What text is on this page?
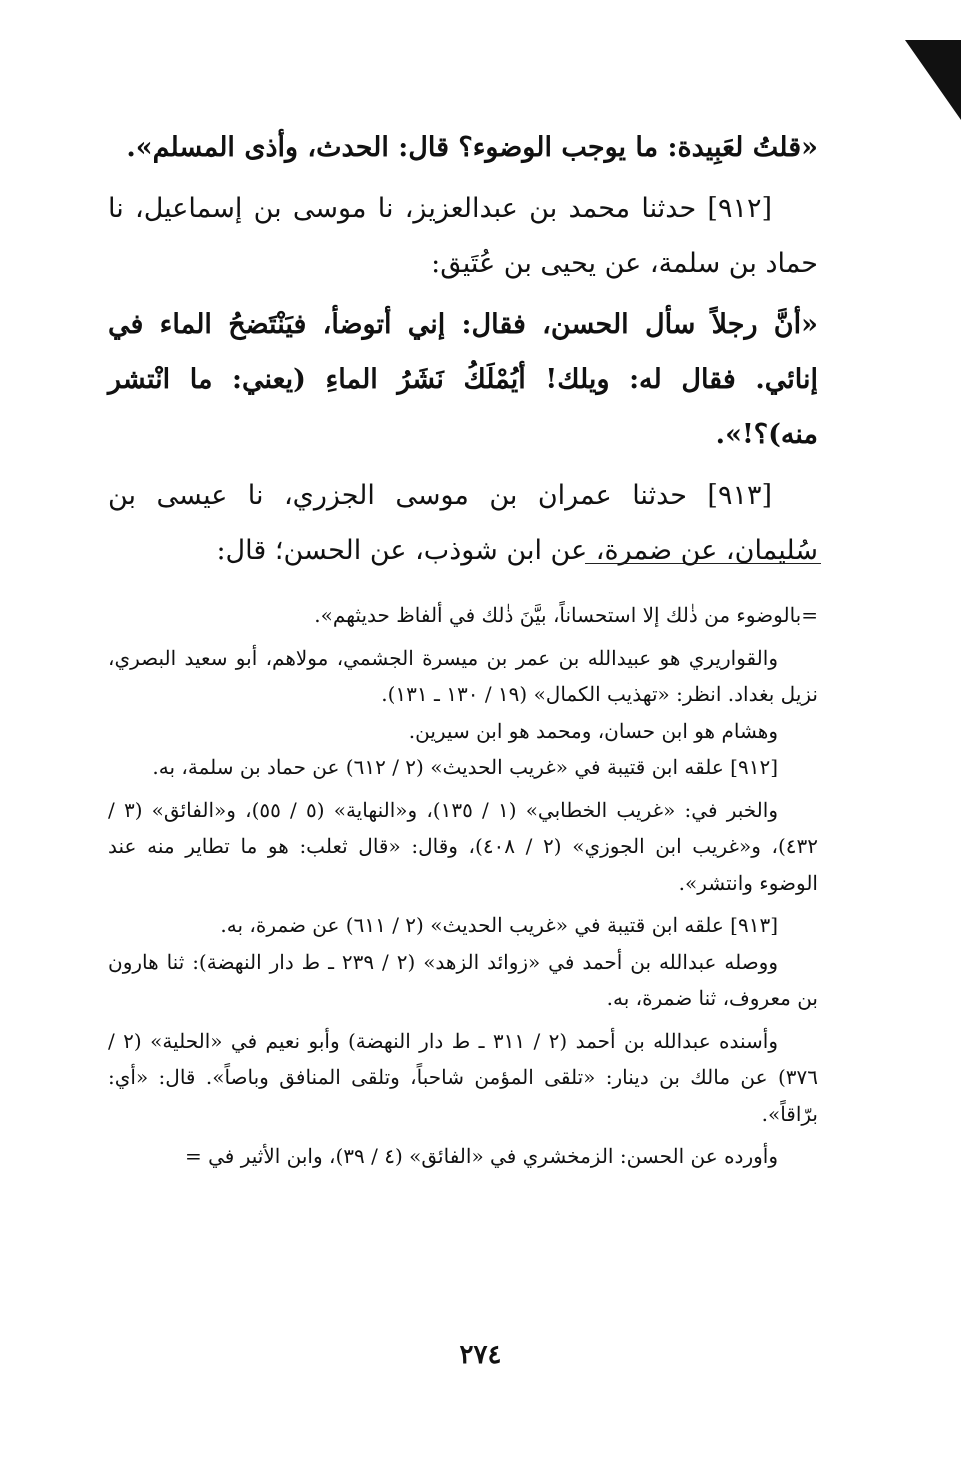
«قلتُ لعَبِيدة: ما يوجب الوضوء؟ قال: الحدث، وأذى المسلم».

[٩١٢] حدثنا محمد بن عبدالعزيز، نا موسى بن إسماعيل، نا حماد بن سلمة، عن يحيى بن عُتَيق:

«أنَّ رجلاً سأل الحسن، فقال: إني أتوضأ، فيَنْتَضحُ الماء في إنائي. فقال له: ويلك! أيُمْلَكُ نَشَرُ الماءِ (يعني: ما انْتشر منه)؟!».

[٩١٣] حدثنا عمران بن موسى الجزري، نا عيسى بن سُليمان، عن ضمرة، عن ابن شوذب، عن الحسن؛ قال:

=بالوضوء من ذٰلك إلا استحساناً، بيَّنَ ذٰلك في ألفاظ حديثهم».

والقواريري هو عبيدالله بن عمر بن ميسرة الجشمي، مولاهم، أبو سعيد البصري، نزيل بغداد. انظر: «تهذيب الكمال» (١٩ / ١٣٠ ـ ١٣١).

وهشام هو ابن حسان، ومحمد هو ابن سيرين.

[٩١٢] علقه ابن قتيبة في «غريب الحديث» (٢ / ٦١٢) عن حماد بن سلمة، به.

والخبر في: «غريب الخطابي» (١ / ١٣٥)، و«النهاية» (٥ / ٥٥)، و«الفائق» (٣ / ٤٣٢)، و«غريب ابن الجوزي» (٢ / ٤٠٨)، وقال: «قال ثعلب: هو ما تطاير منه عند الوضوء وانتشر».

[٩١٣] علقه ابن قتيبة في «غريب الحديث» (٢ / ٦١١) عن ضمرة، به.

ووصله عبدالله بن أحمد في «زوائد الزهد» (٢ / ٢٣٩ ـ ط دار النهضة): ثنا هارون بن معروف، ثنا ضمرة، به.

وأسنده عبدالله بن أحمد (٢ / ٣١١ ـ ط دار النهضة) وأبو نعيم في «الحلية» (٢ / ٣٧٦) عن مالك بن دينار: «تلقى المؤمن شاحباً، وتلقى المنافق وباصاً». قال: «أي: برّاقاً».

وأورده عن الحسن: الزمخشري في «الفائق» (٤ / ٣٩)، وابن الأثير في =

٢٧٤
